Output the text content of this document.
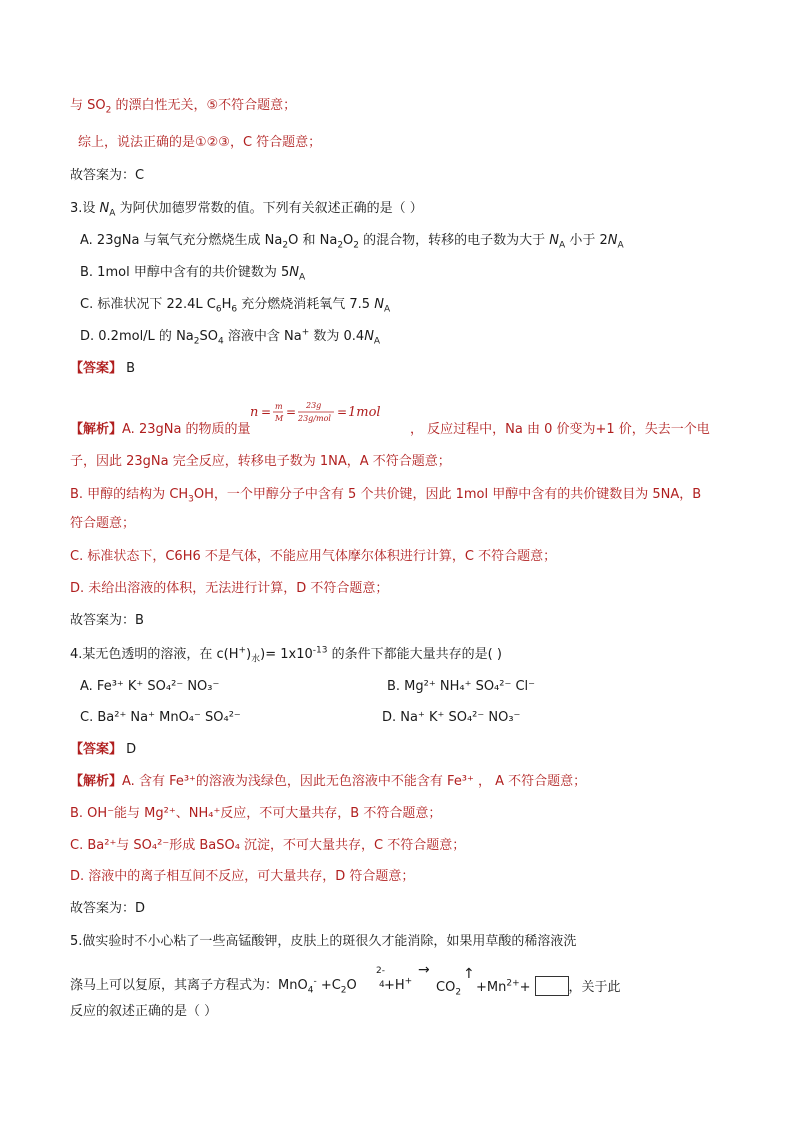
与 $SO_2$ 的漂白性无关，⑤不符合题意；
综上，说法正确的是①②③，C 符合题意；
故答案为：C
3.设 $N_A$ 为阿伏加德罗常数的值。下列有关叙述正确的是（ ）
A. 23gNa 与氧气充分燃烧生成 $Na_2O$ 和 $Na_2O_2$ 的混合物，转移的电子数为大于 $N_A$ 小于 $2N_A$
B. 1mol 甲醇中含有的共价键数为 $5N_A$
C. 标准状况下 22.4L $C_6H_6$ 充分燃烧消耗氧气 7.5 $N_A$
D. 0.2mol/L 的 $Na_2SO_4$ 溶液中含 Na+ 数为 $0.4N_A$
【答案】 B
【解析】A. 23gNa 的物质的量
n = m
M = 23g
23g/mol = 1mol
， 反应过程中，Na 由 0 价变为+1 价，失去一个电
子，因此 23gNa 完全反应，转移电子数为 1NA，A 不符合题意；
B. 甲醇的结构为 $CH_3OH$，一个甲醇分子中含有 5 个共价键，因此 1mol 甲醇中含有的共价键数目为 5NA，B
符合题意；
C. 标准状态下，C6H6 不是气体，不能应用气体摩尔体积进行计算，C 不符合题意；
D. 未给出溶液的体积，无法进行计算，D 不符合题意；
故答案为：B
4.某无色透明的溶液，在 $c(H^+)_水)= 1x10^{-13}$ 的条件下都能大量共存的是( )
A. Fe³⁺ K⁺ SO₄²⁻ NO₃⁻	B. Mg²⁺ NH₄⁺ SO₄²⁻ Cl⁻
C. Ba²⁺ Na⁺ MnO₄⁻ SO₄²⁻	D. Na⁺ K⁺ SO₄²⁻ NO₃⁻
【答案】 D
【解析】A. 含有 Fe³⁺的溶液为浅绿色，因此无色溶液中不能含有 Fe³⁺ ， A 不符合题意；
B. OH⁻能与 Mg²⁺、NH₄⁺反应，不可大量共存，B 不符合题意；
C. Ba²⁺与 SO₄²⁻形成 BaSO₄ 沉淀，不可大量共存，C 不符合题意；
D. 溶液中的离子相互间不反应，可大量共存，D 符合题意；
故答案为：D
5.做实验时不小心粘了一些高锰酸钾，皮肤上的斑很久才能消除，如果用草酸的稀溶液洗
涤马上可以复原，其离子方程式为：$MnO_4^- +C_2O$
2-
4 +H+
→
$CO_2$
↑
$+Mn^{2+}+$	，关于此
反应的叙述正确的是（ ）
